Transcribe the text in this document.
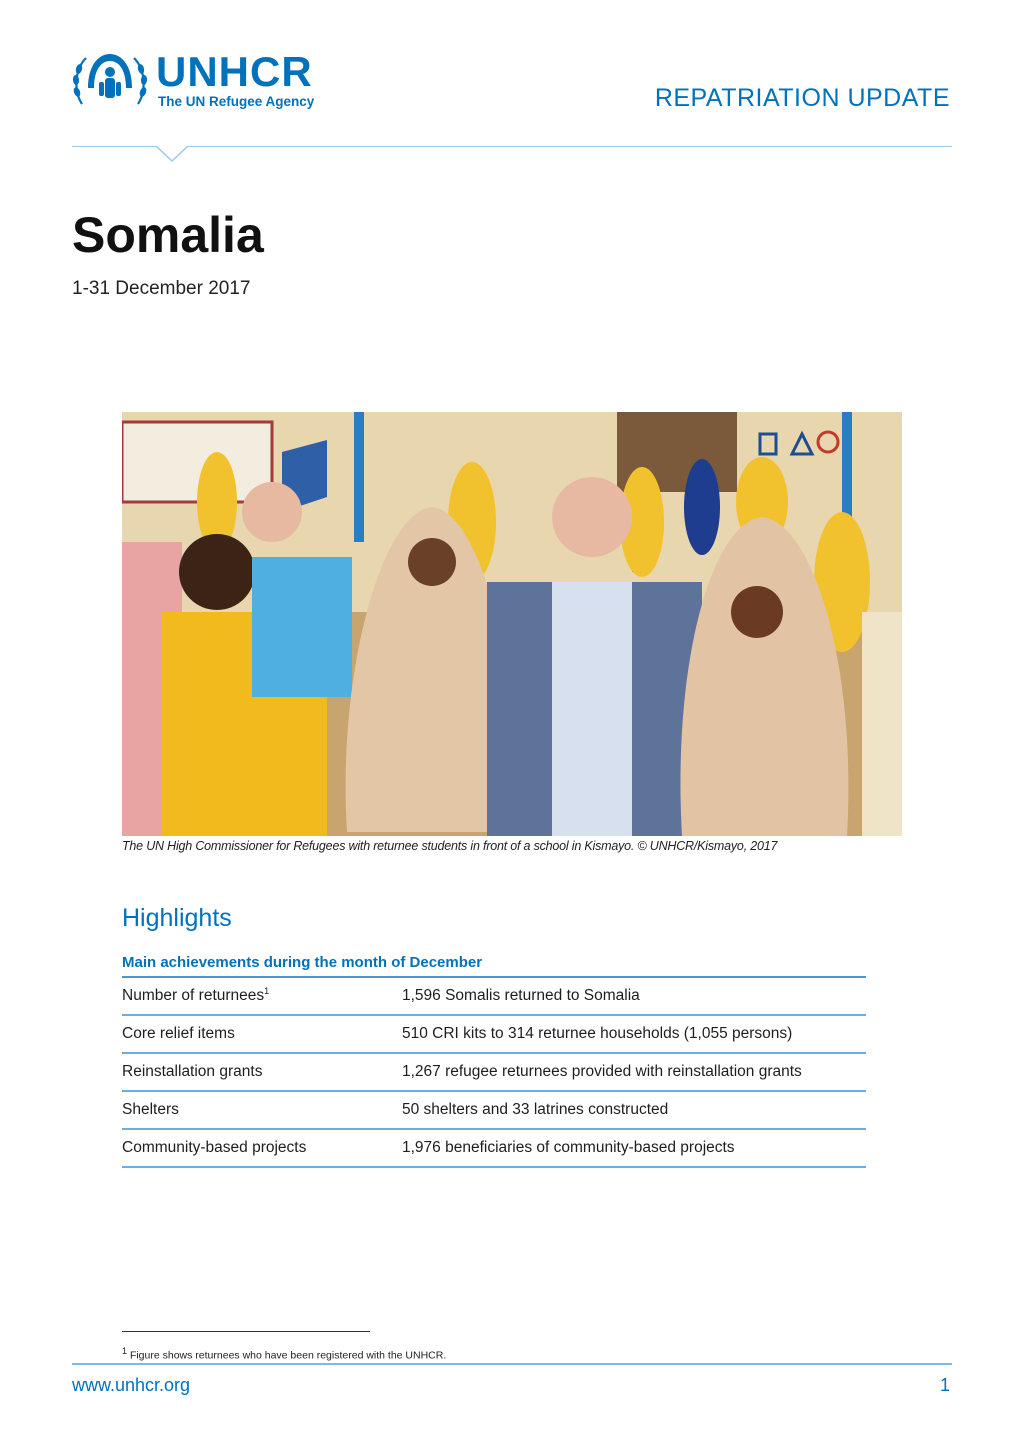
UNHCR
The UN Refugee Agency	REPATRIATION UPDATE
Somalia
1-31 December 2017
The UN High Commissioner for Refugees with returnee students in front of a school in Kismayo. © UNHCR/Kismayo, 2017
Highlights
Main achievements during the month of December
Number of returnees$^1$	1,596 Somalis returned to Somalia
Core relief items	510 CRI kits to 314 returnee households (1,055 persons)
Reinstallation grants	1,267 refugee returnees provided with reinstallation grants
Shelters	50 shelters and 33 latrines constructed
Community-based projects	1,976 beneficiaries of community-based projects
$^1$ Figure shows returnees who have been registered with the UNHCR.
www.unhcr.org	1
